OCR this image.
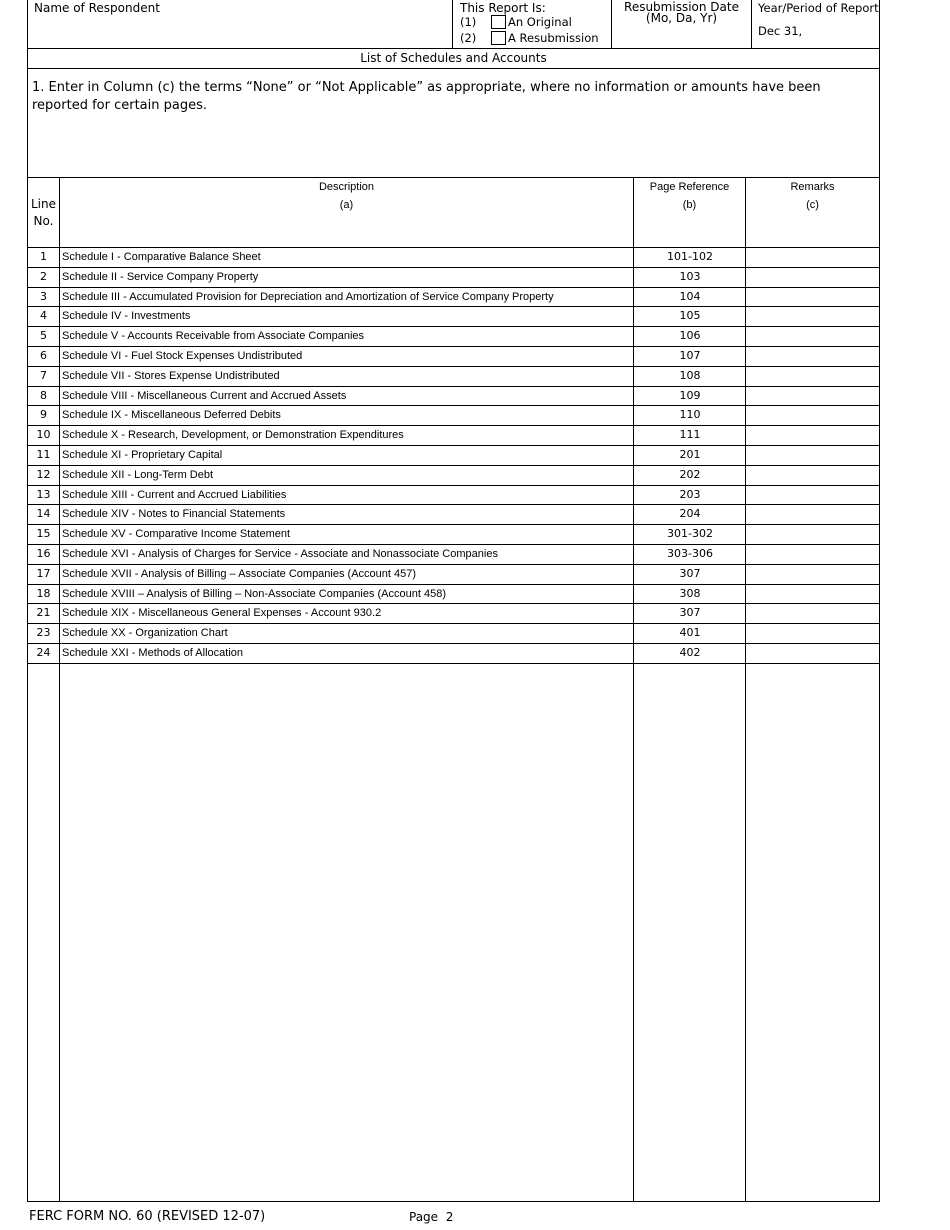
Name of Respondent	This Report Is:
(1)	An Original
(2)	A Resubmission
Resubmission Date
(Mo, Da, Yr)
Year/Period of Report
Dec 31,
List of Schedules and Accounts
1. Enter in Column (c) the terms “None” or “Not Applicable” as appropriate, where no information or amounts have been reported for certain pages.
Line
No.
Description
(a)
Page Reference
(b)
Remarks
(c)
1	Schedule I - Comparative Balance Sheet	101-102
2	Schedule II - Service Company Property	103
3	Schedule III - Accumulated Provision for Depreciation and Amortization of Service Company Property	104
4	Schedule IV - Investments	105
5	Schedule V - Accounts Receivable from Associate Companies	106
6	Schedule VI - Fuel Stock Expenses Undistributed	107
7	Schedule VII - Stores Expense Undistributed	108
8	Schedule VIII - Miscellaneous Current and Accrued Assets	109
9	Schedule IX - Miscellaneous Deferred Debits	110
10	Schedule X - Research, Development, or Demonstration Expenditures	111
11	Schedule XI - Proprietary Capital	201
12	Schedule XII - Long-Term Debt	202
13	Schedule XIII - Current and Accrued Liabilities	203
14	Schedule XIV - Notes to Financial Statements	204
15	Schedule XV - Comparative Income Statement	301-302
16	Schedule XVI - Analysis of Charges for Service - Associate and Nonassociate Companies	303-306
17	Schedule XVII - Analysis of Billing – Associate Companies (Account 457)	307
18	Schedule XVIII – Analysis of Billing – Non-Associate Companies (Account 458)	308
21	Schedule XIX - Miscellaneous General Expenses - Account 930.2	307
23	Schedule XX - Organization Chart	401
24	Schedule XXI - Methods of Allocation	402
FERC FORM NO. 60 (REVISED 12-07)	Page 2
